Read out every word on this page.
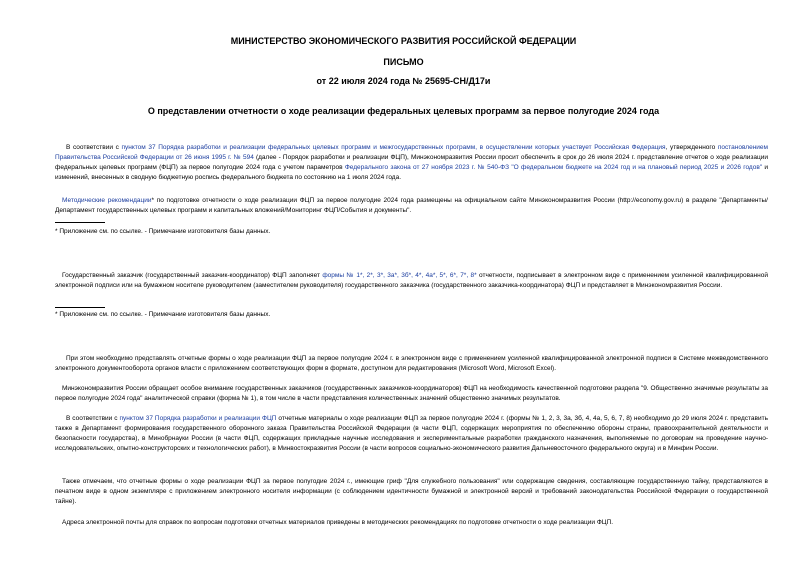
МИНИСТЕРСТВО ЭКОНОМИЧЕСКОГО РАЗВИТИЯ РОССИЙСКОЙ ФЕДЕРАЦИИ

ПИСЬМО

от 22 июля 2024 года № 25695-СН/Д17и

О представлении отчетности о ходе реализации федеральных целевых программ за первое полугодие 2024 года

В соответствии с пунктом 37 Порядка разработки и реализации федеральных целевых программ и межгосударственных программ, в осуществлении которых участвует Российская Федерация, утвержденного постановлением Правительства Российской Федерации от 26 июня 1995 г. № 594 (далее - Порядок разработки и реализации ФЦП), Минэкономразвития России просит обеспечить в срок до 26 июля 2024 г. представление отчетов о ходе реализации федеральных целевых программ (ФЦП) за первое полугодие 2024 года с учетом параметров Федерального закона от 27 ноября 2023 г. № 540-ФЗ "О федеральном бюджете на 2024 год и на плановый период 2025 и 2026 годов" и изменений, внесенных в сводную бюджетную роспись федерального бюджета по состоянию на 1 июля 2024 года.

Методические рекомендации* по подготовке отчетности о ходе реализации ФЦП за первое полугодие 2024 года размещены на официальном сайте Минэкономразвития России (http://economy.gov.ru) в разделе "Департаменты/Департамент государственных целевых программ и капитальных вложений/Мониторинг ФЦП/События и документы".

* Приложение см. по ссылке. - Примечание изготовителя базы данных.

Государственный заказчик (государственный заказчик-координатор) ФЦП заполняет формы № 1*, 2*, 3*, 3а*, 3б*, 4*, 4а*, 5*, 6*, 7*, 8* отчетности, подписывает в электронном виде с применением усиленной квалифицированной электронной подписи или на бумажном носителе руководителем (заместителем руководителя) государственного заказчика (государственного заказчика-координатора) ФЦП и представляет в Минэкономразвития России.

* Приложение см. по ссылке. - Примечание изготовителя базы данных.

При этом необходимо представлять отчетные формы о ходе реализации ФЦП за первое полугодие 2024 г. в электронном виде с применением усиленной квалифицированной электронной подписи в Системе межведомственного электронного документооборота органов власти с приложением соответствующих форм в формате, доступном для редактирования (Microsoft Word, Microsoft Excel).

Минэкономразвития России обращает особое внимание государственных заказчиков (государственных заказчиков-координаторов) ФЦП на необходимость качественной подготовки раздела "9. Общественно значимые результаты за первое полугодие 2024 года" аналитической справки (форма № 1), в том числе в части представления количественных значений общественно значимых результатов.

В соответствии с пунктом 37 Порядка разработки и реализации ФЦП отчетные материалы о ходе реализации ФЦП за первое полугодие 2024 г. (формы № 1, 2, 3, 3а, 3б, 4, 4а, 5, 6, 7, 8) необходимо до 29 июля 2024 г. представить также в Департамент формирования государственного оборонного заказа Правительства Российской Федерации (в части ФЦП, содержащих мероприятия по обеспечению обороны страны, правоохранительной деятельности и безопасности государства), в Минобрнауки России (в части ФЦП, содержащих прикладные научные исследования и экспериментальные разработки гражданского назначения, выполняемые по договорам на проведение научно-исследовательских, опытно-конструкторских и технологических работ), в Минвостокразвития России (в части вопросов социально-экономического развития Дальневосточного федерального округа) и в Минфин России.

Также отмечаем, что отчетные формы о ходе реализации ФЦП за первое полугодие 2024 г., имеющие гриф "Для служебного пользования" или содержащие сведения, составляющие государственную тайну, представляются в печатном виде в одном экземпляре с приложением электронного носителя информации (с соблюдением идентичности бумажной и электронной версий и требований законодательства Российской Федерации о государственной тайне).

Адреса электронной почты для справок по вопросам подготовки отчетных материалов приведены в методических рекомендациях по подготовке отчетности о ходе реализации ФЦП.
